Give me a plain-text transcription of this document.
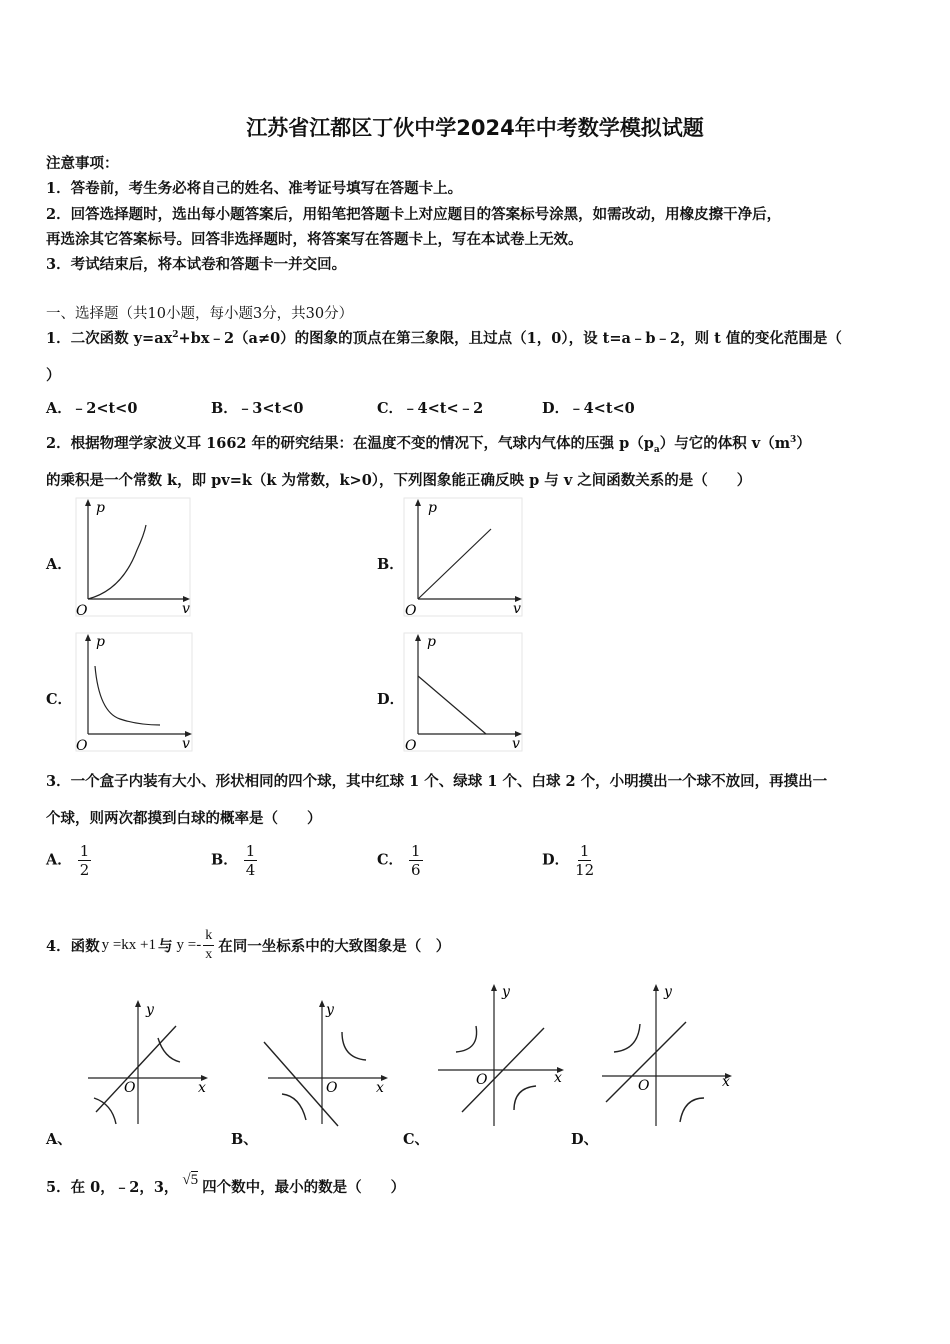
江苏省江都区丁伙中学2024年中考数学模拟试题
注意事项：
1．答卷前，考生务必将自己的姓名、准考证号填写在答题卡上。
2．回答选择题时，选出每小题答案后，用铅笔把答题卡上对应题目的答案标号涂黑，如需改动，用橡皮擦干净后，
再选涂其它答案标号。回答非选择题时，将答案写在答题卡上，写在本试卷上无效。
3．考试结束后，将本试卷和答题卡一并交回。
一、选择题（共10小题，每小题3分，共30分）
1．二次函数 $y=ax^2+bx﹣2(a\ne 0)$的图象的顶点在第三象限，且过点（1，0），设 t=a﹣b﹣2，则 t 值的变化范围是（
）
A．﹣2<t<0	B．﹣3<t<0	C．﹣4<t<﹣2	D．﹣4<t<0
2．根据物理学家波义耳 1662 年的研究结果：在温度不变的情况下，气球内气体的压强 $p(p_a)$与它的体积 $v(m^3)$
的乘积是一个常数 k，即 pv=k（k 为常数，k>0），下列图象能正确反映 p 与 v 之间函数关系的是（　　）
A．
p
O	v
B．
p
O	v
C．
p
O	v
D．
p
O	v
3．一个盒子内装有大小、形状相同的四个球，其中红球 1 个、绿球 1 个、白球 2 个，小明摸出一个球不放回，再摸出一
个球，则两次都摸到白球的概率是（　　）
A． $\frac{1}{2}$	B． $\frac{1}{4}$	C． $\frac{1}{6}$	D． $\frac{1}{12}$
4．函数 y =kx +1 与 $y =- \frac{k}{x}$ 在同一坐标系中的大致图象是（　）
y
O	x
A、
y
O	x
B、
y
O	x
C、
y
O	x
D、
5．在 0，﹣2，3， √5 四个数中，最小的数是（　　）
